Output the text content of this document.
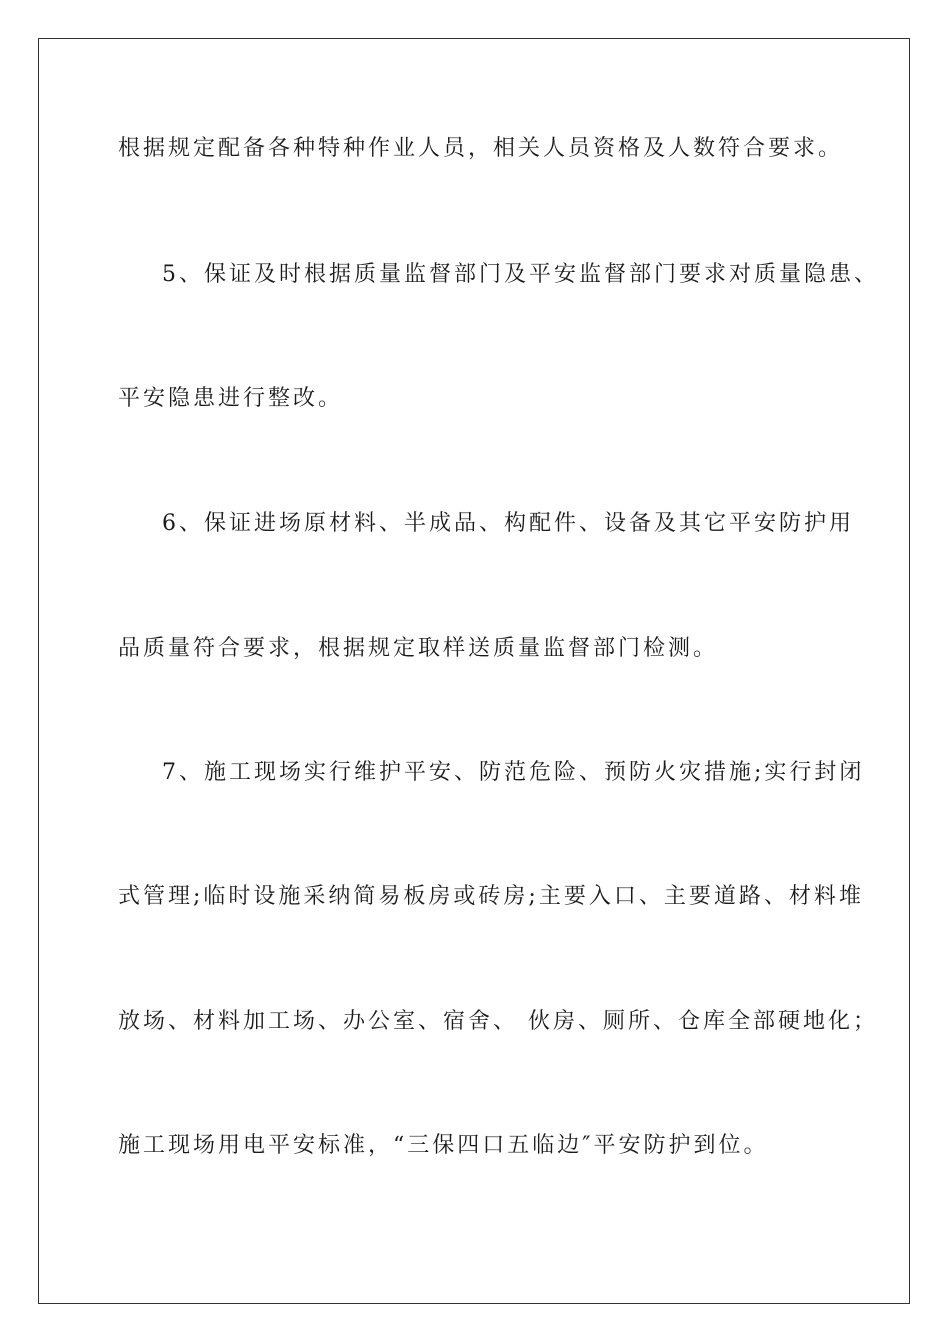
根据规定配备各种特种作业人员，相关人员资格及人数符合要求。
5、保证及时根据质量监督部门及平安监督部门要求对质量隐患、
平安隐患进行整改。
6、保证进场原材料、半成品、构配件、设备及其它平安防护用
品质量符合要求，根据规定取样送质量监督部门检测。
7、施工现场实行维护平安、防范危险、预防火灾措施;实行封闭
式管理;临时设施采纳简易板房或砖房;主要入口、主要道路、材料堆
放场、材料加工场、办公室、宿舍、 伙房、厕所、仓库全部硬地化；
施工现场用电平安标准，“三保四口五临边″平安防护到位。
